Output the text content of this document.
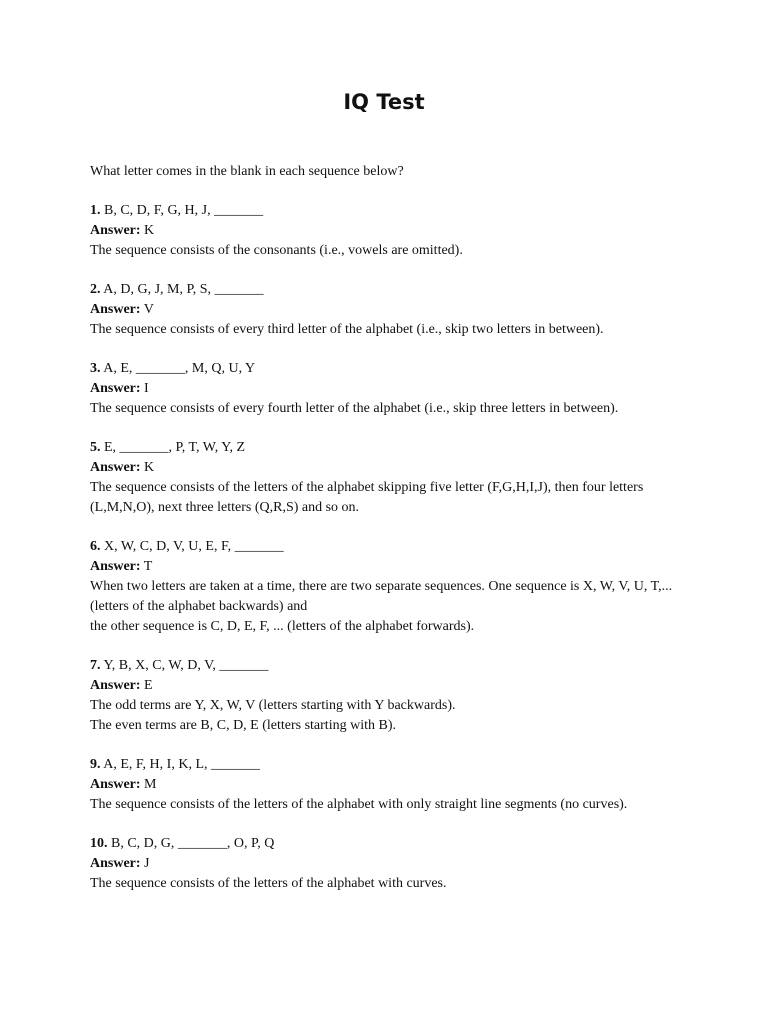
IQ Test

What letter comes in the blank in each sequence below?

1. B, C, D, F, G, H, J, _______

Answer: K

The sequence consists of the consonants (i.e., vowels are omitted).

2. A, D, G, J, M, P, S, _______

Answer: V

The sequence consists of every third letter of the alphabet (i.e., skip two letters in between).

3. A, E, _______, M, Q, U, Y

Answer: I

The sequence consists of every fourth letter of the alphabet (i.e., skip three letters in between).

5. E, _______, P, T, W, Y, Z

Answer: K

The sequence consists of the letters of the alphabet skipping five letter (F,G,H,I,J), then four letters (L,M,N,O), next three letters (Q,R,S) and so on.

6. X, W, C, D, V, U, E, F, _______

Answer: T

When two letters are taken at a time, there are two separate sequences. One sequence is X, W, V, U, T,... (letters of the alphabet backwards) and

the other sequence is C, D, E, F, ... (letters of the alphabet forwards).

7. Y, B, X, C, W, D, V, _______

Answer: E

The odd terms are Y, X, W, V (letters starting with Y backwards).

The even terms are B, C, D, E (letters starting with B).

9. A, E, F, H, I, K, L, _______

Answer: M

The sequence consists of the letters of the alphabet with only straight line segments (no curves).

10. B, C, D, G, _______, O, P, Q

Answer: J

The sequence consists of the letters of the alphabet with curves.
